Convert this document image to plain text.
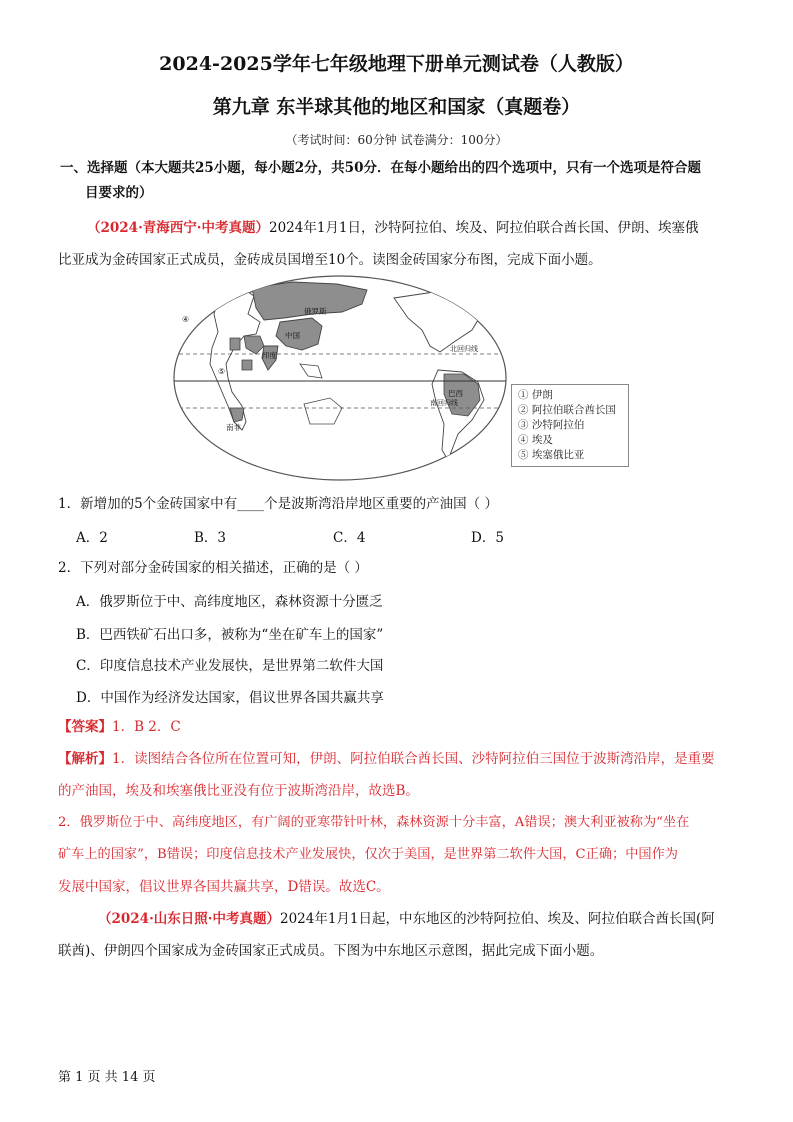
2024-2025学年七年级地理下册单元测试卷（人教版）
第九章 东半球其他的地区和国家（真题卷）
（考试时间：60分钟 试卷满分：100分）
一、选择题（本大题共25小题，每小题2分，共50分．在每小题给出的四个选项中，只有一个选项是符合题
目要求的）
（2024·青海西宁·中考真题）2024年1月1日，沙特阿拉伯、埃及、阿拉伯联合酋长国、伊朗、埃塞俄
比亚成为金砖国家正式成员，金砖成员国增至10个。读图金砖国家分布图，完成下面小题。
俄罗斯
中国
印度
巴西
南非
北回归线
南回归线
④
⑤
① 伊朗
② 阿拉伯联合酋长国
③ 沙特阿拉伯
④ 埃及
⑤ 埃塞俄比亚
1．新增加的5个金砖国家中有____个是波斯湾沿岸地区重要的产油国（ ）
A．2	B．3	C．4	D．5
2．下列对部分金砖国家的相关描述，正确的是（ ）
A．俄罗斯位于中、高纬度地区，森林资源十分匮乏
B．巴西铁矿石出口多，被称为“坐在矿车上的国家”
C．印度信息技术产业发展快，是世界第二软件大国
D．中国作为经济发达国家，倡议世界各国共赢共享
【答案】1．B 2．C
【解析】1．读图结合各位所在位置可知，伊朗、阿拉伯联合酋长国、沙特阿拉伯三国位于波斯湾沿岸，是重要
的产油国，埃及和埃塞俄比亚没有位于波斯湾沿岸，故选B。
2．俄罗斯位于中、高纬度地区，有广阔的亚寒带针叶林，森林资源十分丰富，A错误；澳大利亚被称为“坐在
矿车上的国家”，B错误；印度信息技术产业发展快，仅次于美国，是世界第二软件大国，C正确；中国作为
发展中国家，倡议世界各国共赢共享，D错误。故选C。
（2024·山东日照·中考真题）2024年1月1日起，中东地区的沙特阿拉伯、埃及、阿拉伯联合酋长国(阿
联酋)、伊朗四个国家成为金砖国家正式成员。下图为中东地区示意图，据此完成下面小题。
第 1 页 共 14 页
